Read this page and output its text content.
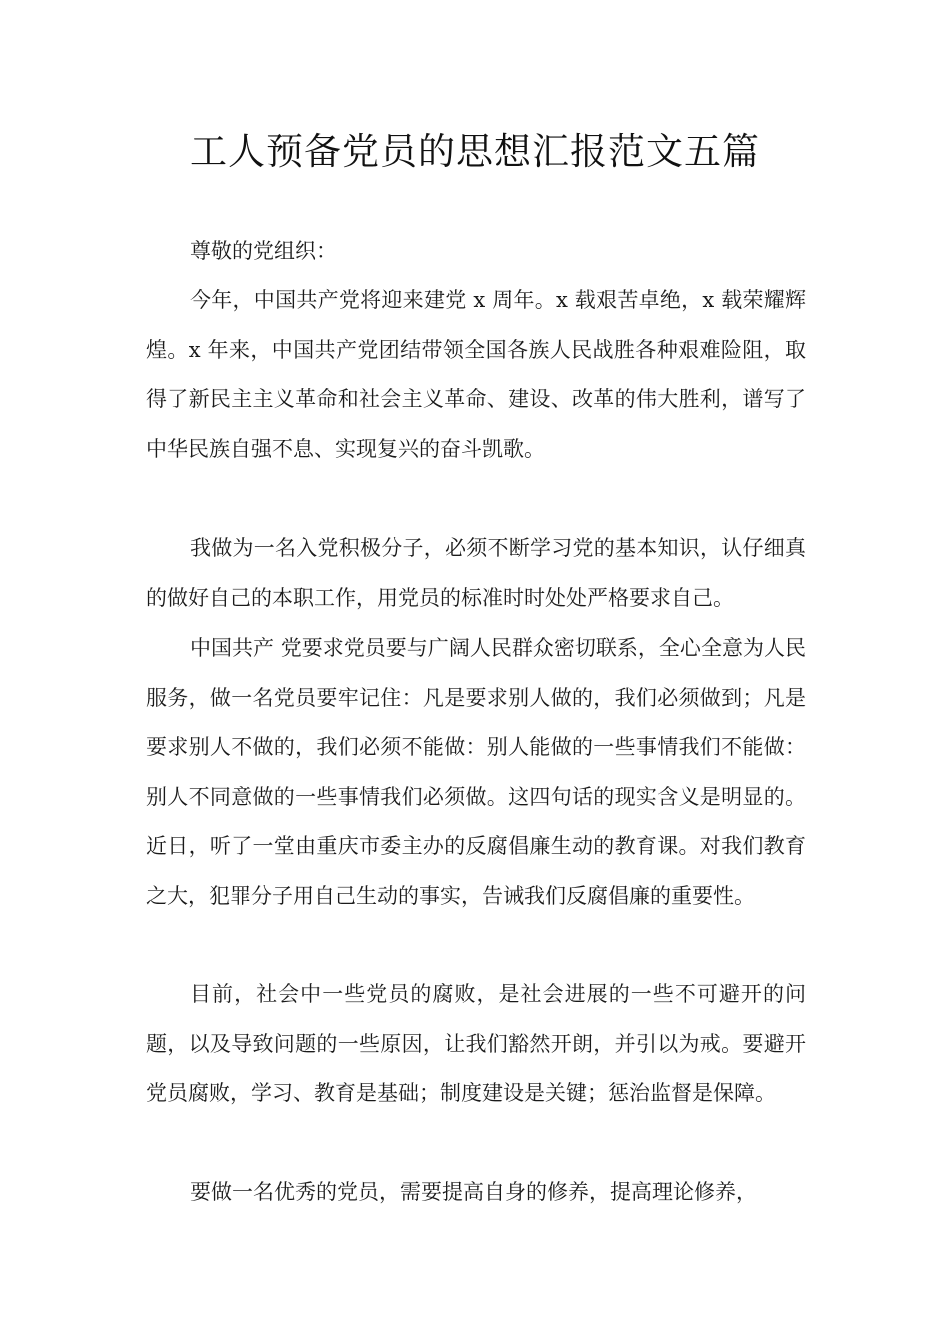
工人预备党员的思想汇报范文五篇

尊敬的党组织：

今年，中国共产党将迎来建党 x 周年。x 载艰苦卓绝，x 载荣耀辉煌。x 年来，中国共产党团结带领全国各族人民战胜各种艰难险阻，取得了新民主主义革命和社会主义革命、建设、改革的伟大胜利，谱写了中华民族自强不息、实现复兴的奋斗凯歌。

我做为一名入党积极分子，必须不断学习党的基本知识，认仔细真的做好自己的本职工作，用党员的标准时时处处严格要求自己。

中国共产 党要求党员要与广阔人民群众密切联系，全心全意为人民服务，做一名党员要牢记住：凡是要求别人做的，我们必须做到；凡是要求别人不做的，我们必须不能做：别人能做的一些事情我们不能做：别人不同意做的一些事情我们必须做。这四句话的现实含义是明显的。 近日，听了一堂由重庆市委主办的反腐倡廉生动的教育课。对我们教育之大，犯罪分子用自己生动的事实，告诫我们反腐倡廉的重要性。

目前，社会中一些党员的腐败，是社会进展的一些不可避开的问题，以及导致问题的一些原因，让我们豁然开朗，并引以为戒。要避开党员腐败，学习、教育是基础；制度建设是关键；惩治监督是保障。

要做一名优秀的党员，需要提高自身的修养，提高理论修养，
